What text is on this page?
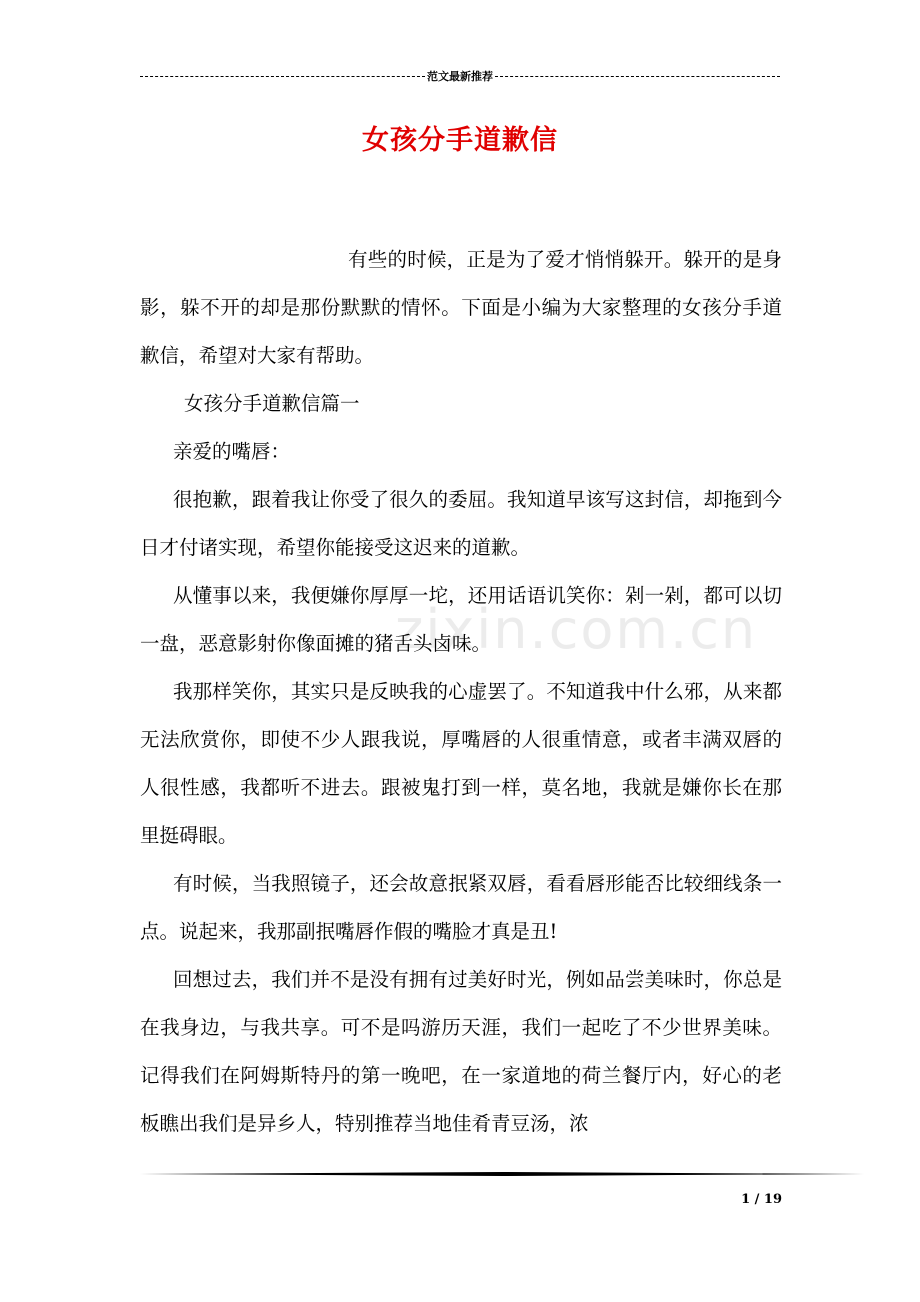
范文最新推荐
女孩分手道歉信
zixin.com.cn

有些的时候，正是为了爱才悄悄躲开。躲开的是身影，躲不开的却是那份默默的情怀。下面是小编为大家整理的女孩分手道歉信，希望对大家有帮助。

女孩分手道歉信篇一

亲爱的嘴唇：

很抱歉，跟着我让你受了很久的委屈。我知道早该写这封信，却拖到今日才付诸实现，希望你能接受这迟来的道歉。

从懂事以来，我便嫌你厚厚一坨，还用话语讥笑你：剁一剁，都可以切一盘，恶意影射你像面摊的猪舌头卤味。

我那样笑你，其实只是反映我的心虚罢了。不知道我中什么邪，从来都无法欣赏你，即使不少人跟我说，厚嘴唇的人很重情意，或者丰满双唇的人很性感，我都听不进去。跟被鬼打到一样，莫名地，我就是嫌你长在那里挺碍眼。

有时候，当我照镜子，还会故意抿紧双唇，看看唇形能否比较细线条一点。说起来，我那副抿嘴唇作假的嘴脸才真是丑!

回想过去，我们并不是没有拥有过美好时光，例如品尝美味时，你总是在我身边，与我共享。可不是吗游历天涯，我们一起吃了不少世界美味。记得我们在阿姆斯特丹的第一晚吧，在一家道地的荷兰餐厅内，好心的老板瞧出我们是异乡人，特别推荐当地佳肴青豆汤，浓

1 / 19
